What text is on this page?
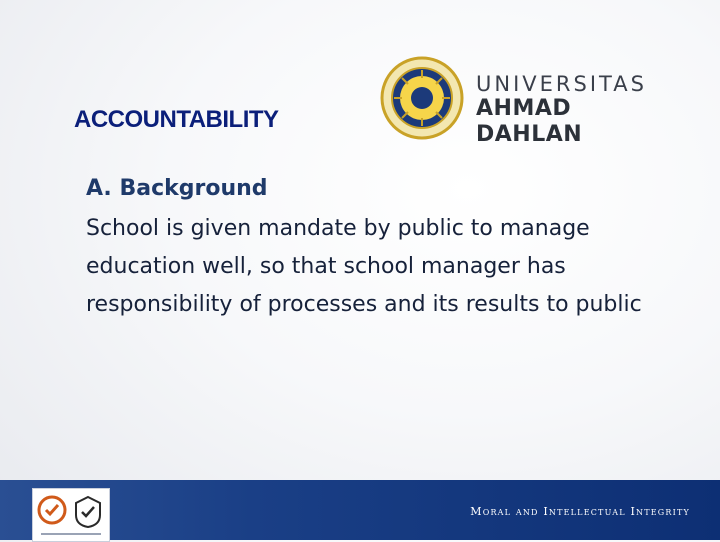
UNIVERSITAS
AHMAD DAHLAN
ACCOUNTABILITY
A. Background
School is given mandate by public to manage education well, so that school manager has responsibility of processes and its results to public
Moral and Intellectual Integrity
